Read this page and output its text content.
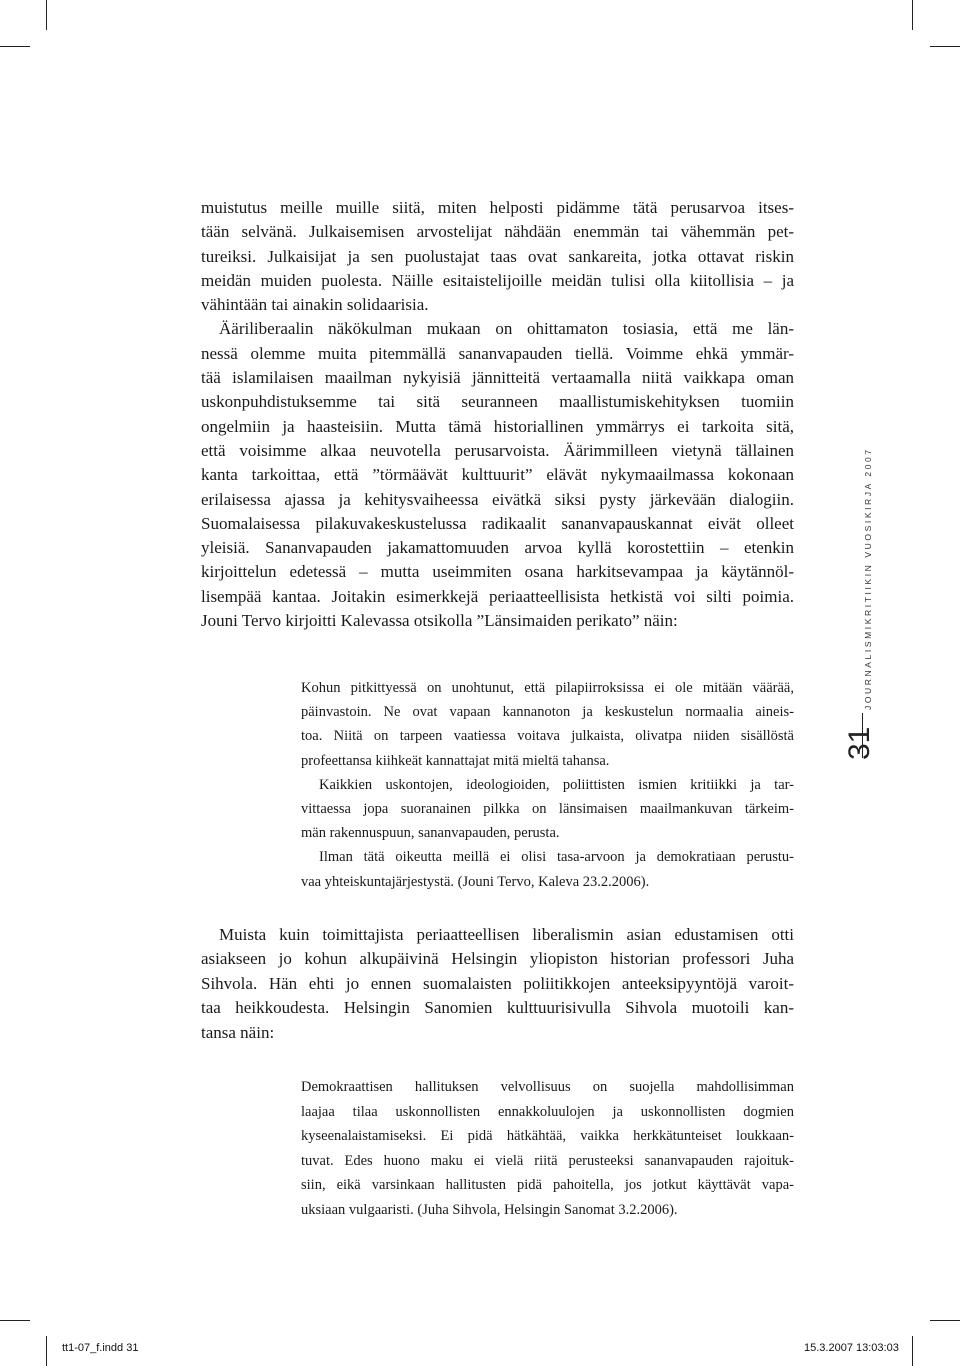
muistutus meille muille siitä, miten helposti pidämme tätä perusarvoa itses-
tään selvänä. Julkaisemisen arvostelijat nähdään enemmän tai vähemmän pet-
tureiksi. Julkaisijat ja sen puolustajat taas ovat sankareita, jotka ottavat riskin
meidän muiden puolesta. Näille esitaistelijoille meidän tulisi olla kiitollisia – ja
vähintään tai ainakin solidaarisia.
Ääriliberaalin näkökulman mukaan on ohittamaton tosiasia, että me län-
nessä olemme muita pitemmällä sananvapauden tiellä. Voimme ehkä ymmär-
tää islamilaisen maailman nykyisiä jännitteitä vertaamalla niitä vaikkapa oman
uskonpuhdistuksemme tai sitä seuranneen maallistumiskehityksen tuomiin
ongelmiin ja haasteisiin. Mutta tämä historiallinen ymmärrys ei tarkoita sitä,
että voisimme alkaa neuvotella perusarvoista. Äärimmilleen vietynä tällainen
kanta tarkoittaa, että ”törmäävät kulttuurit” elävät nykymaailmassa kokonaan
erilaisessa ajassa ja kehitysvaiheessa eivätkä siksi pysty järkevään dialogiin.
Suomalaisessa pilakuvakeskustelussa radikaalit sananvapauskannat eivät olleet
yleisiä. Sananvapauden jakamattomuuden arvoa kyllä korostettiin – etenkin
kirjoittelun edetessä – mutta useimmiten osana harkitsevampaa ja käytännöl-
lisempää kantaa. Joitakin esimerkkejä periaatteellisista hetkistä voi silti poimia.
Jouni Tervo kirjoitti Kalevassa otsikolla ”Länsimaiden perikato” näin:
Kohun pitkittyessä on unohtunut, että pilapiirroksissa ei ole mitään väärää,
päinvastoin. Ne ovat vapaan kannanoton ja keskustelun normaalia aineis-
toa. Niitä on tarpeen vaatiessa voitava julkaista, olivatpa niiden sisällöstä
profeettansa kiihkeät kannattajat mitä mieltä tahansa.
Kaikkien uskontojen, ideologioiden, poliittisten ismien kritiikki ja tar-
vittaessa jopa suoranainen pilkka on länsimaisen maailmankuvan tärkeim-
män rakennuspuun, sananvapauden, perusta.
Ilman tätä oikeutta meillä ei olisi tasa-arvoon ja demokratiaan perustu-
vaa yhteiskuntajärjestystä. (Jouni Tervo, Kaleva 23.2.2006).
Muista kuin toimittajista periaatteellisen liberalismin asian edustamisen otti
asiakseen jo kohun alkupäivinä Helsingin yliopiston historian professori Juha
Sihvola. Hän ehti jo ennen suomalaisten poliitikkojen anteeksipyyntöjä varoit-
taa heikkoudesta. Helsingin Sanomien kulttuurisivulla Sihvola muotoili kan-
tansa näin:
Demokraattisen hallituksen velvollisuus on suojella mahdollisimman
laajaa tilaa uskonnollisten ennakkoluulojen ja uskonnollisten dogmien
kyseenalaistamiseksi. Ei pidä hätkähtää, vaikka herkkätunteiset loukkaan-
tuvat. Edes huono maku ei vielä riitä perusteeksi sananvapauden rajoituk-
siin, eikä varsinkaan hallitusten pidä pahoitella, jos jotkut käyttävät vapa-
uksiaan vulgaaristi. (Juha Sihvola, Helsingin Sanomat 3.2.2006).
JOURNALISMIKRITIIKIN VUOSIKIRJA 2007
31
tt1-07_f.indd 31	15.3.2007 13:03:03
